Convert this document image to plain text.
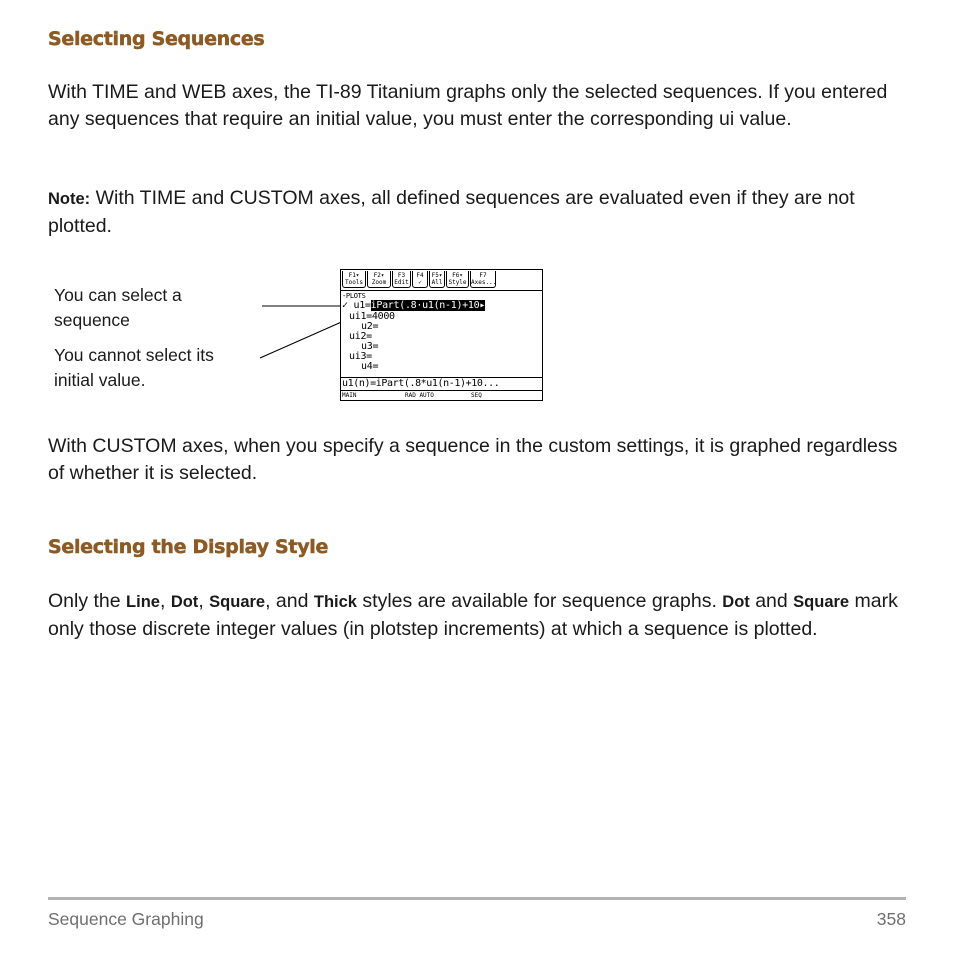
Selecting Sequences

With TIME and WEB axes, the TI-89 Titanium graphs only the selected sequences. If you entered any sequences that require an initial value, you must enter the corresponding ui value.

Note: With TIME and CUSTOM axes, all defined sequences are evaluated even if they are not plotted.

You can select a
sequence
You cannot select its
initial value.
F1▾
Tools
F2▾
Zoom
F3
Edit
F4
✓
F5▾
All
F6▾
Style
F7
Axes...
-PLOTS
✓ u1=iPart(.8·u1(n-1)+10▸
ui1=4000
u2=
ui2=
u3=
ui3=
u4=
u1(n)=iPart(.8*u1(n-1)+10...
MAIN	RAD AUTO	SEQ

With CUSTOM axes, when you specify a sequence in the custom settings, it is graphed regardless of whether it is selected.

Selecting the Display Style

Only the Line, Dot, Square, and Thick styles are available for sequence graphs. Dot and Square mark only those discrete integer values (in plotstep increments) at which a sequence is plotted.

Sequence Graphing	358
